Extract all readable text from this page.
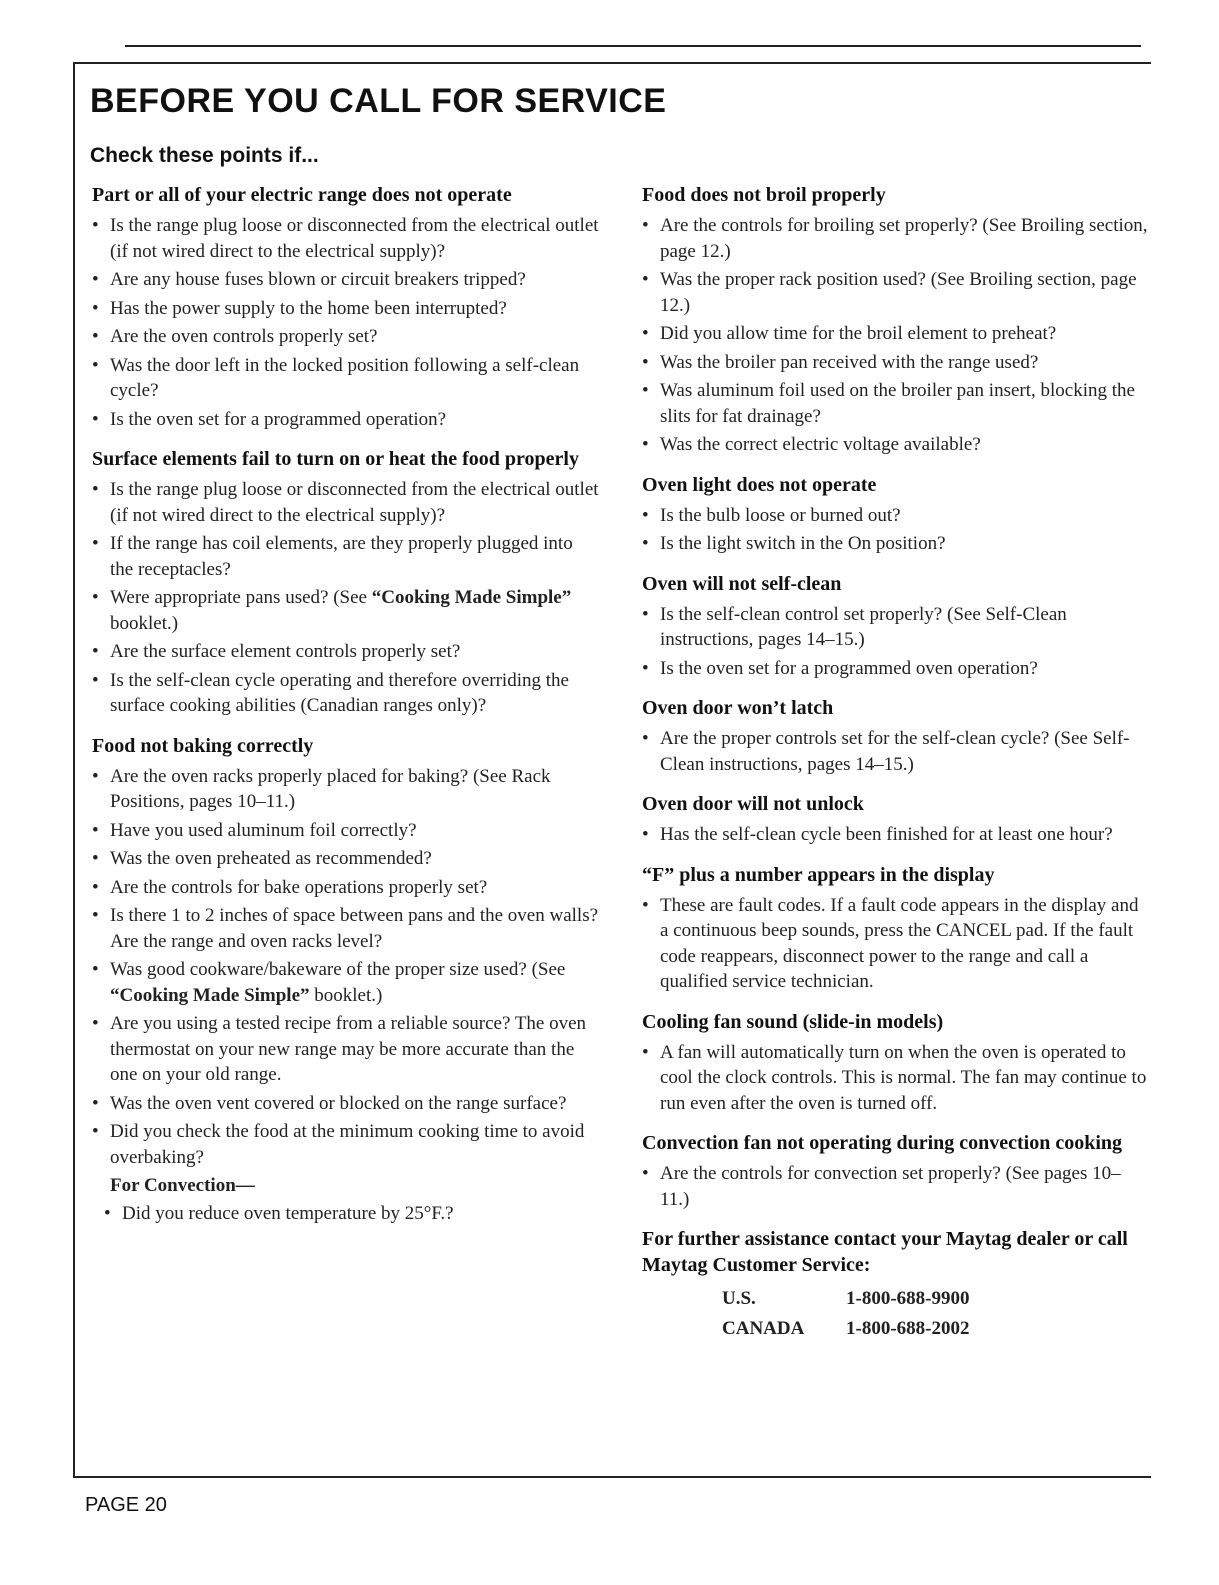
BEFORE YOU CALL FOR SERVICE
Check these points if...
Part or all of your electric range does not operate
• Is the range plug loose or disconnected from the electrical outlet (if not wired direct to the electrical supply)?
• Are any house fuses blown or circuit breakers tripped?
• Has the power supply to the home been interrupted?
• Are the oven controls properly set?
• Was the door left in the locked position following a self-clean cycle?
• Is the oven set for a programmed operation?
Surface elements fail to turn on or heat the food properly
• Is the range plug loose or disconnected from the electrical outlet (if not wired direct to the electrical supply)?
• If the range has coil elements, are they properly plugged into the receptacles?
• Were appropriate pans used? (See “Cooking Made Simple” booklet.)
• Are the surface element controls properly set?
• Is the self-clean cycle operating and therefore overriding the surface cooking abilities (Canadian ranges only)?
Food not baking correctly
• Are the oven racks properly placed for baking? (See Rack Positions, pages 10–11.)
• Have you used aluminum foil correctly?
• Was the oven preheated as recommended?
• Are the controls for bake operations properly set?
• Is there 1 to 2 inches of space between pans and the oven walls? Are the range and oven racks level?
• Was good cookware/bakeware of the proper size used? (See “Cooking Made Simple” booklet.)
• Are you using a tested recipe from a reliable source? The oven thermostat on your new range may be more accurate than the one on your old range.
• Was the oven vent covered or blocked on the range surface?
• Did you check the food at the minimum cooking time to avoid overbaking?
For Convection—
• Did you reduce oven temperature by 25°F.?
Food does not broil properly
• Are the controls for broiling set properly? (See Broiling section, page 12.)
• Was the proper rack position used? (See Broiling section, page 12.)
• Did you allow time for the broil element to preheat?
• Was the broiler pan received with the range used?
• Was aluminum foil used on the broiler pan insert, blocking the slits for fat drainage?
• Was the correct electric voltage available?
Oven light does not operate
• Is the bulb loose or burned out?
• Is the light switch in the On position?
Oven will not self-clean
• Is the self-clean control set properly? (See Self-Clean instructions, pages 14–15.)
• Is the oven set for a programmed oven operation?
Oven door won’t latch
• Are the proper controls set for the self-clean cycle? (See Self-Clean instructions, pages 14–15.)
Oven door will not unlock
• Has the self-clean cycle been finished for at least one hour?
“F” plus a number appears in the display
• These are fault codes. If a fault code appears in the display and a continuous beep sounds, press the CANCEL pad. If the fault code reappears, disconnect power to the range and call a qualified service technician.
Cooling fan sound (slide-in models)
• A fan will automatically turn on when the oven is operated to cool the clock controls. This is normal. The fan may continue to run even after the oven is turned off.
Convection fan not operating during convection cooking
• Are the controls for convection set properly? (See pages 10–11.)
For further assistance contact your Maytag dealer or call Maytag Customer Service:
U.S.	1-800-688-9900
CANADA	1-800-688-2002
PAGE 20
